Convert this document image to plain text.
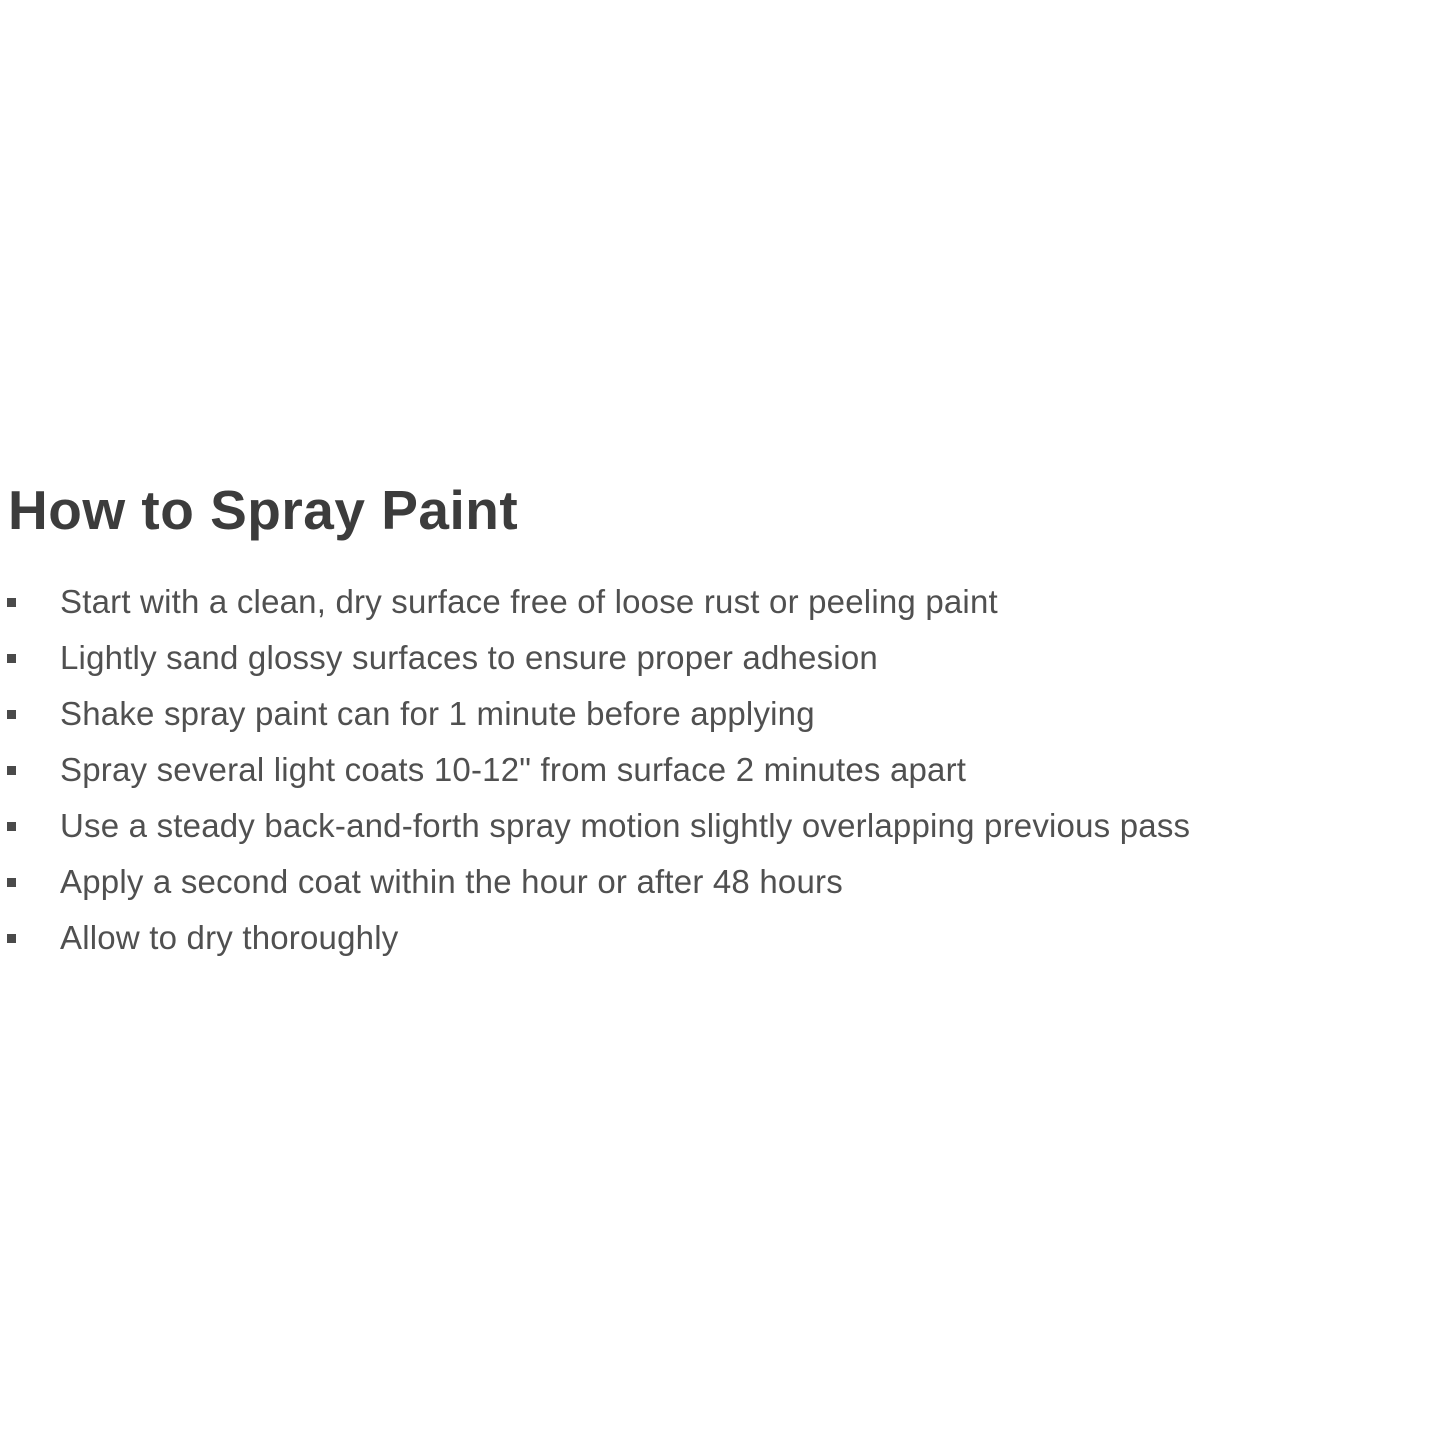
How to Spray Paint
Start with a clean, dry surface free of loose rust or peeling paint
Lightly sand glossy surfaces to ensure proper adhesion
Shake spray paint can for 1 minute before applying
Spray several light coats 10-12" from surface 2 minutes apart
Use a steady back-and-forth spray motion slightly overlapping previous pass
Apply a second coat within the hour or after 48 hours
Allow to dry thoroughly
